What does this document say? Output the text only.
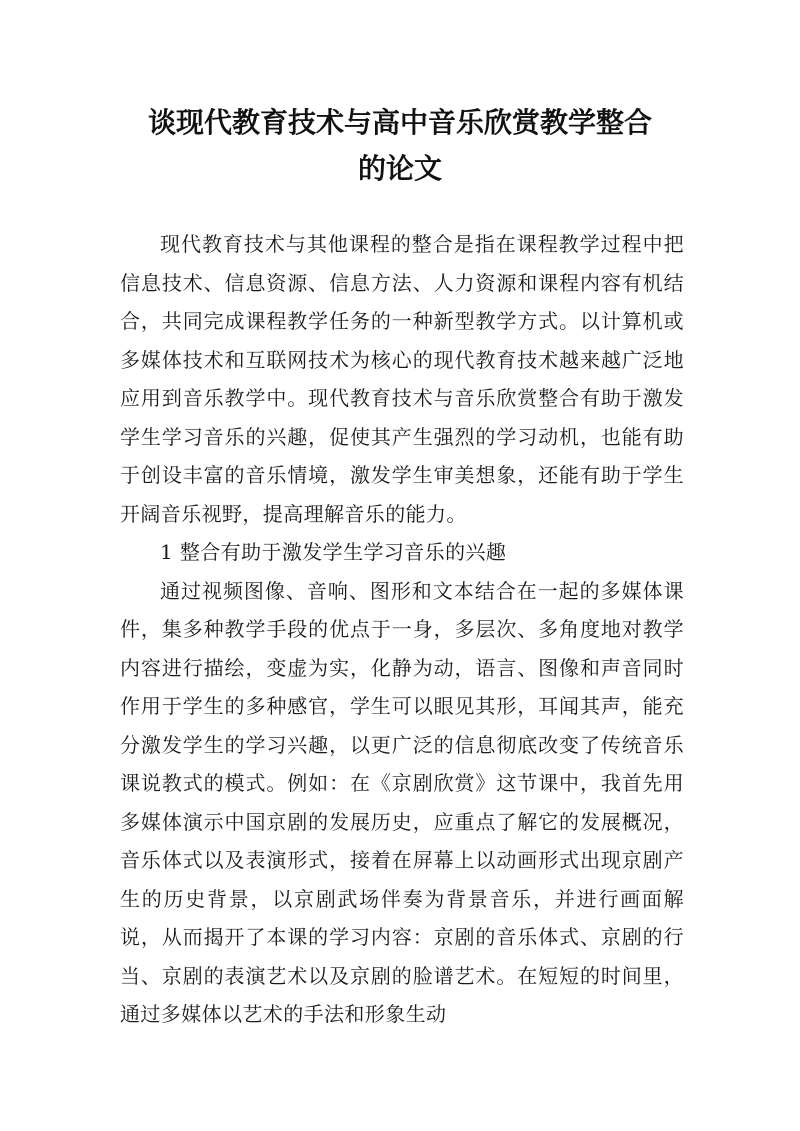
谈现代教育技术与高中音乐欣赏教学整合
的论文

现代教育技术与其他课程的整合是指在课程教学过程中把信息技术、信息资源、信息方法、人力资源和课程内容有机结合，共同完成课程教学任务的一种新型教学方式。以计算机或多媒体技术和互联网技术为核心的现代教育技术越来越广泛地应用到音乐教学中。现代教育技术与音乐欣赏整合有助于激发学生学习音乐的兴趣，促使其产生强烈的学习动机，也能有助于创设丰富的音乐情境，激发学生审美想象，还能有助于学生开阔音乐视野，提高理解音乐的能力。

1 整合有助于激发学生学习音乐的兴趣

通过视频图像、音响、图形和文本结合在一起的多媒体课件，集多种教学手段的优点于一身，多层次、多角度地对教学内容进行描绘，变虚为实，化静为动，语言、图像和声音同时作用于学生的多种感官，学生可以眼见其形，耳闻其声，能充分激发学生的学习兴趣，以更广泛的信息彻底改变了传统音乐课说教式的模式。例如：在《京剧欣赏》这节课中，我首先用多媒体演示中国京剧的发展历史，应重点了解它的发展概况，音乐体式以及表演形式，接着在屏幕上以动画形式出现京剧产生的历史背景，以京剧武场伴奏为背景音乐，并进行画面解说，从而揭开了本课的学习内容：京剧的音乐体式、京剧的行当、京剧的表演艺术以及京剧的脸谱艺术。在短短的时间里，通过多媒体以艺术的手法和形象生动
